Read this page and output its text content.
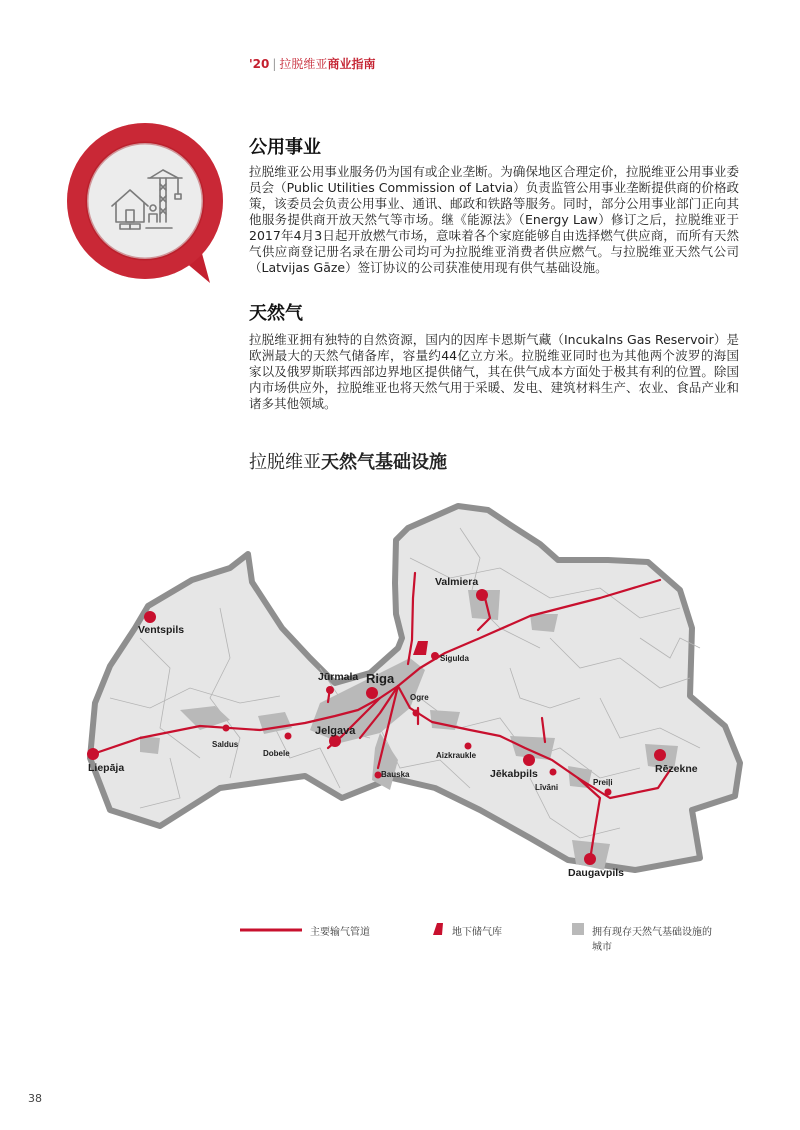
'20 | 拉脱维亚商业指南
公用事业

拉脱维亚公用事业服务仍为国有或企业垄断。为确保地区合理定价，拉脱维亚公用事业委员会（Public Utilities Commission of Latvia）负责监管公用事业垄断提供商的价格政策，该委员会负责公用事业、通讯、邮政和铁路等服务。同时，部分公用事业部门正向其他服务提供商开放天然气等市场。继《能源法》（Energy Law）修订之后，拉脱维亚于2017年4月3日起开放燃气市场，意味着各个家庭能够自由选择燃气供应商，而所有天然气供应商登记册名录在册公司均可为拉脱维亚消费者供应燃气。与拉脱维亚天然气公司（Latvijas Gāze）签订协议的公司获准使用现有供气基础设施。

天然气

拉脱维亚拥有独特的自然资源，国内的因库卡恩斯气藏（Incukalns Gas Reservoir）是欧洲最大的天然气储备库，容量约44亿立方米。拉脱维亚同时也为其他两个波罗的海国家以及俄罗斯联邦西部边界地区提供储气，其在供气成本方面处于极其有利的位置。除国内市场供应外，拉脱维亚也将天然气用于采暖、发电、建筑材料生产、农业、食品产业和诸多其他领域。

拉脱维亚天然气基础设施
Ventspils
Liepāja
Riga
Jūrmala
Jelgava
Valmiera
Sigulda
Ogre
Saldus
Dobele
Bauska
Aizkraukle
Jēkabpils
Līvāni
Preiļi
Rēzekne
Daugavpils
主要输气管道	地下储气库	拥有现存天然气基础设施的
城市
38
